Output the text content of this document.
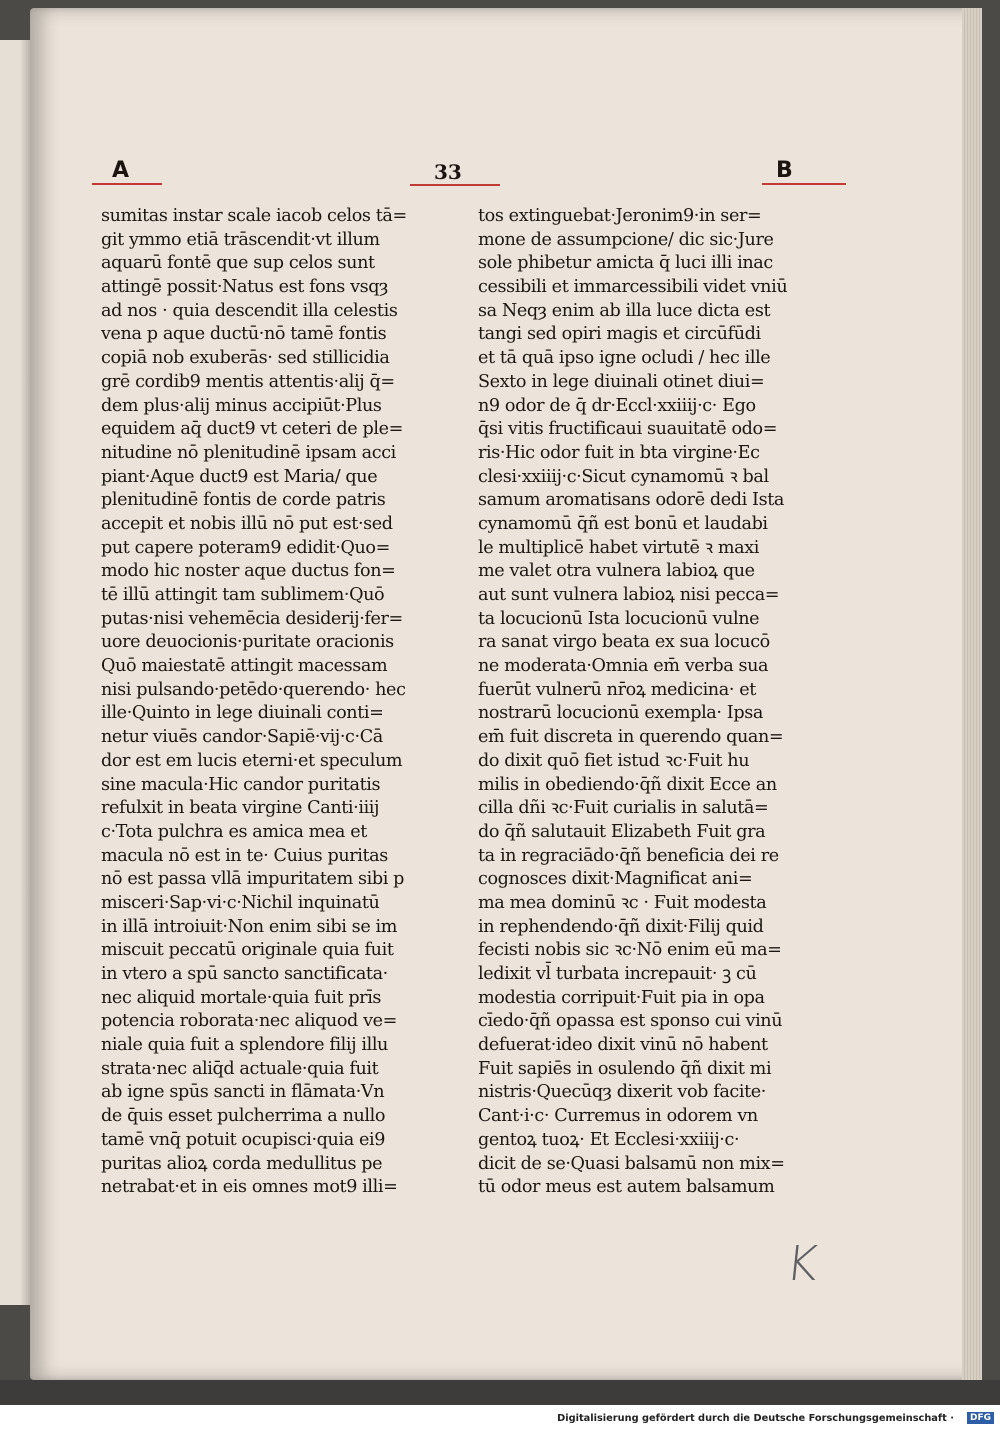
A	33	B
sumitas instar scale iacob celos tā=
git ymmo etiā trāscendit·vt illum
aquarū fontē que sup celos sunt
attingē possit·Natus est fons vsqȝ
ad nos · quia descendit illa celestis
vena p aque ductū·nō tamē fontis
copiā nob exuberās· sed stillicidia
grē cordib9 mentis attentis·alij q̄=
dem plus·alij minus accipiūt·Plus
equidem aq̄ duct9 vt ceteri de ple=
nitudine nō plenitudinē ipsam acci
piant·Aque duct9 est Maria/ que
plenitudinē fontis de corde patris
accepit et nobis illū nō put est·sed
put capere poteram9 edidit·Quo=
modo hic noster aque ductus fon=
tē illū attingit tam sublimem·Quō
putas·nisi vehemēcia desiderij·fer=
uore deuocionis·puritate oracionis
Quō maiestatē attingit macessam
nisi pulsando·petēdo·querendo· hec
ille·Quinto in lege diuinali conti=
netur viuēs candor·Sapiē·vij·c·Cā
dor est em lucis eterni·et speculum
sine macula·Hic candor puritatis
refulxit in beata virgine Canti·iiij
c·Tota pulchra es amica mea et
macula nō est in te· Cuius puritas
nō est passa vllā impuritatem sibi p
misceri·Sap·vi·c·Nichil inquinatū
in illā introiuit·Non enim sibi se im
miscuit peccatū originale quia fuit
in vtero a spū sancto sanctificata·
nec aliquid mortale·quia fuit prīs
potencia roborata·nec aliquod ve=
niale quia fuit a splendore filij illu
strata·nec aliq̄d actuale·quia fuit
ab igne spūs sancti in flāmata·Vn
de q̄uis esset pulcherrima a nullo
tamē vnq̄ potuit ocupisci·quia ei9
puritas alioꝝ corda medullitus pe
netrabat·et in eis omnes mot9 illi=
tos extinguebat·Jeronim9·in ser=
mone de assumpcione/ dic sic·Jure
sole phibetur amicta q̄ luci illi inac
cessibili et immarcessibili videt vniū
sa Neqȝ enim ab illa luce dicta est
tangi sed opiri magis et circūfūdi
et tā quā ipso igne ocludi / hec ille
Sexto in lege diuinali otinet diui=
n9 odor de q̄ dr·Eccl·xxiiij·c· Ego
q̄si vitis fructificaui suauitatē odo=
ris·Hic odor fuit in bta virgine·Ec
clesi·xxiiij·c·Sicut cynamomū ꝛ bal
samum aromatisans odorē dedi Ista
cynamomū q̄ñ est bonū et laudabi
le multiplicē habet virtutē ꝛ maxi
me valet otra vulnera labioꝝ que
aut sunt vulnera labioꝝ nisi pecca=
ta locucionū Ista locucionū vulne
ra sanat virgo beata ex sua locucō
ne moderata·Omnia em̄ verba sua
fuerūt vulnerū nr̄oꝝ medicina· et
nostrarū locucionū exempla· Ipsa
em̄ fuit discreta in querendo quan=
do dixit quō fiet istud ꝛc·Fuit hu
milis in obediendo·q̄ñ dixit Ecce an
cilla dñi ꝛc·Fuit curialis in salutā=
do q̄ñ salutauit Elizabeth Fuit gra
ta in regraciādo·q̄ñ beneficia dei re
cognosces dixit·Magnificat ani=
ma mea dominū ꝛc · Fuit modesta
in rephendendo·q̄ñ dixit·Filij quid
fecisti nobis sic ꝛc·Nō enim eū ma=
ledixit vl̄ turbata increpauit· ꝫ cū
modestia corripuit·Fuit pia in opa
cīedo·q̄ñ opassa est sponso cui vinū
defuerat·ideo dixit vinū nō habent
Fuit sapiēs in osulendo q̄ñ dixit mi
nistris·Quecūqȝ dixerit vob facite·
Cant·i·c· Curremus in odorem vn
gentoꝝ tuoꝝ· Et Ecclesi·xxiiij·c·
dicit de se·Quasi balsamū non mix=
tū odor meus est autem balsamum
K
Digitalisierung gefördert durch die Deutsche Forschungsgemeinschaft ·	DFG
